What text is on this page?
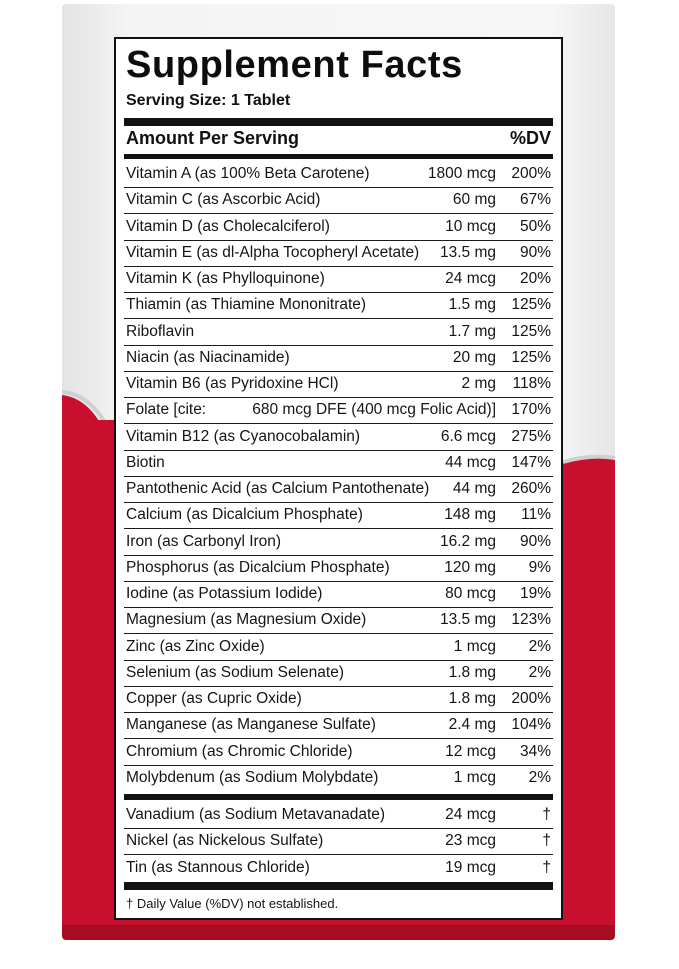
Supplement Facts
Serving Size: 1 Tablet
Amount Per Serving	%DV
Vitamin A (as 100% Beta Carotene)	1800 mcg 200%
Vitamin C (as Ascorbic Acid)	60 mg 67%
Vitamin D (as Cholecalciferol)	10 mcg 50%
Vitamin E (as dl-Alpha Tocopheryl Acetate) 13.5 mg 90%
Vitamin K (as Phylloquinone)	24 mcg 20%
Thiamin (as Thiamine Mononitrate)	1.5 mg 125%
Riboflavin	1.7 mg 125%
Niacin (as Niacinamide)	20 mg 125%
Vitamin B6 (as Pyridoxine HCl)	2 mg 118%
Folate [cite:	680 mcg DFE (400 mcg Folic Acid)] 170%
Vitamin B12 (as Cyanocobalamin)	6.6 mcg 275%
Biotin	44 mcg 147%
Pantothenic Acid (as Calcium Pantothenate) 44 mg 260%
Calcium (as Dicalcium Phosphate)	148 mg 11%
Iron (as Carbonyl Iron)	16.2 mg 90%
Phosphorus (as Dicalcium Phosphate)	120 mg 9%
Iodine (as Potassium Iodide)	80 mcg 19%
Magnesium (as Magnesium Oxide)	13.5 mg 123%
Zinc (as Zinc Oxide)	1 mcg 2%
Selenium (as Sodium Selenate)	1.8 mg 2%
Copper (as Cupric Oxide)	1.8 mg 200%
Manganese (as Manganese Sulfate)	2.4 mg 104%
Chromium (as Chromic Chloride)	12 mcg 34%
Molybdenum (as Sodium Molybdate)	1 mcg 2%
Vanadium (as Sodium Metavanadate)	24 mcg	†
Nickel (as Nickelous Sulfate)	23 mcg	†
Tin (as Stannous Chloride)	19 mcg	†
† Daily Value (%DV) not established.
